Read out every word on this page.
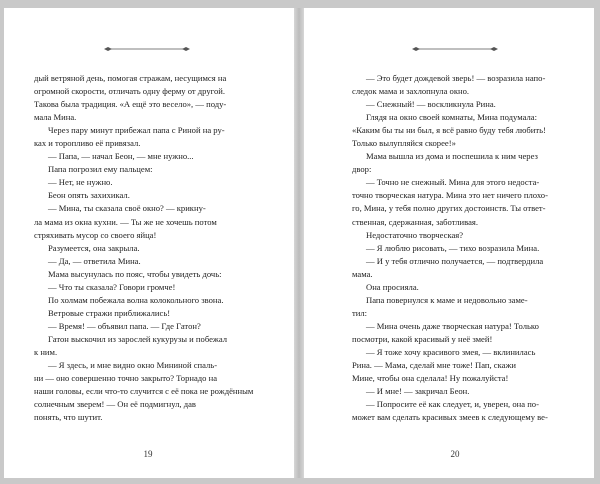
дый ветряной день, помогая стражам, несущимся на

огромной скорости, отличать одну ферму от другой.

Такова была традиция. «А ещё это весело», — поду-

мала Мина.

Через пару минут прибежал папа с Риной на ру-

ках и торопливо её привязал.

— Папа, — начал Беон, — мне нужно...

Папа погрозил ему пальцем:

— Нет, не нужно.

Беон опять захихикал.

— Мина, ты сказала своё окно? — крикну-

ла мама из окна кухни. — Ты же не хочешь потом

стряхивать мусор со своего яйца!

Разумеется, она закрыла.

— Да, — ответила Мина.

Мама высунулась по пояс, чтобы увидеть дочь:

— Что ты сказала? Говори громче!

По холмам побежала волна колокольного звона.

Ветровые стражи приближались!

— Время! — объявил папа. — Где Гатон?

Гатон выскочил из зарослей кукурузы и побежал

к ним.

— Я здесь, и мне видно окно Мининой спаль-

ни — оно совершенно точно закрыто? Торнадо на

наши головы, если что-то случится с её пока не рождённым

солнечным зверем! — Он её подмигнул, дав

понять, что шутит.

19

— Это будет дождевой зверь! — возразила напо-

следок мама и захлопнула окно.

— Снежный! — воскликнула Рина.

Глядя на окно своей комнаты, Мина подумала:

«Каким бы ты ни был, я всё равно буду тебя любить!

Только вылупляйся скорее!»

Мама вышла из дома и поспешила к ним через

двор:

— Точно не снежный. Мина для этого недоста-

точно творческая натура. Мина это нет ничего плохо-

го, Мина, у тебя полно других достоинств. Ты ответ-

ственная, сдержанная, заботливая.

Недостаточно творческая?

— Я люблю рисовать, — тихо возразила Мина.

— И у тебя отлично получается, — подтвердила

мама.

Она просияла.

Папа повернулся к маме и недовольно заме-

тил:

— Мина очень даже творческая натура! Только

посмотри, какой красивый у неё змей!

— Я тоже хочу красивого змея, — вклинилась

Рина. — Мама, сделай мне тоже! Пап, скажи

Мине, чтобы она сделала! Ну пожалуйста!

— И мне! — закричал Беон.

— Попросите её как следует, и, уверен, она по-

может вам сделать красивых змеев к следующему ве-

20
